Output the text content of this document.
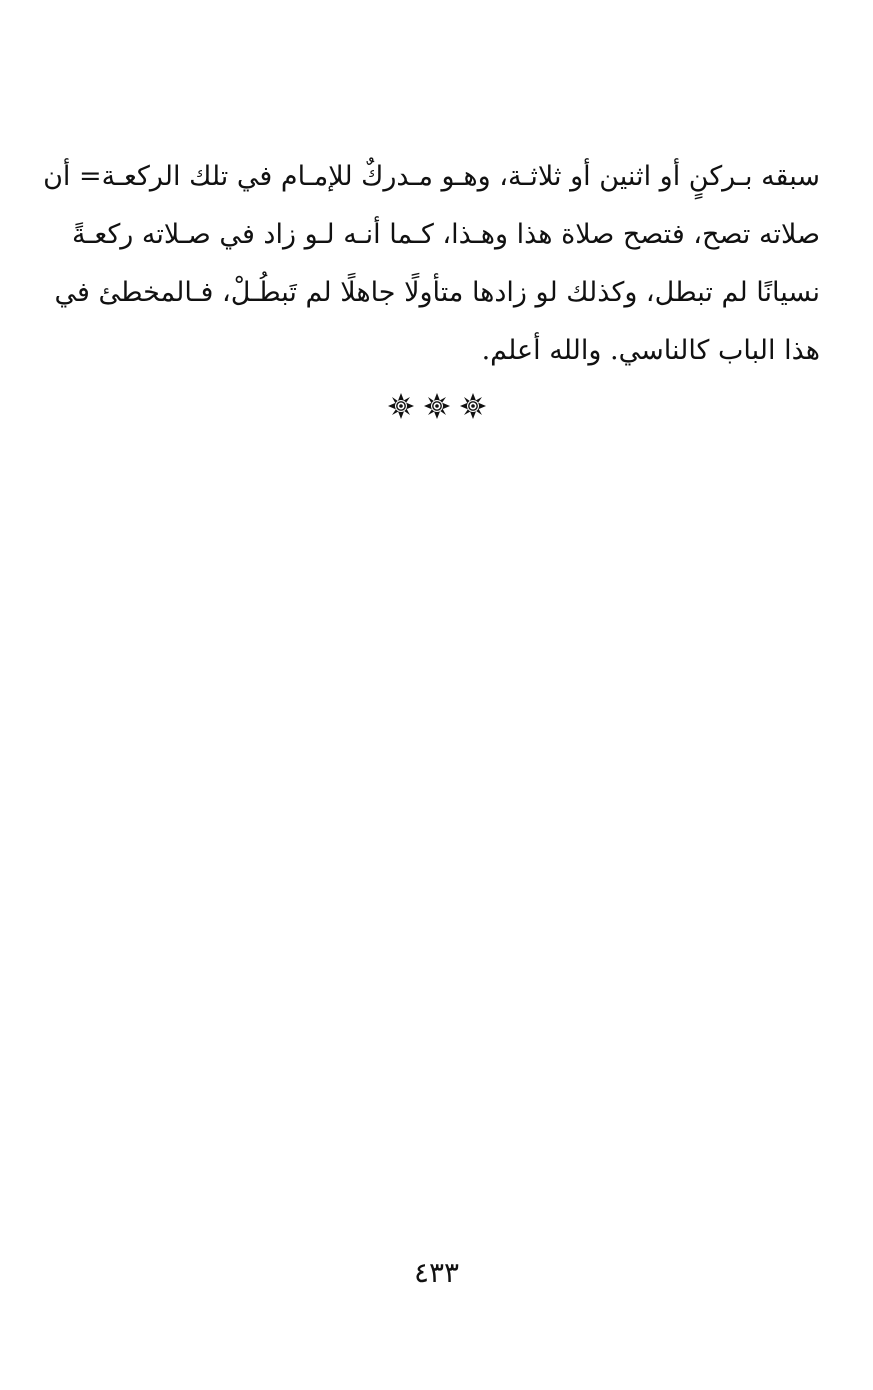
سبقه بـركنٍ أو اثنين أو ثلاثـة، وهـو مـدركٌ للإمـام في تلك الركعـة= أن
صلاته تصح، فتصح صلاة هذا وهـذا، كـما أنـه لـو زاد في صـلاته ركعـةً
نسيانًا لم تبطل، وكذلك لو زادها متأولًا جاهلًا لم تَبطُـلْ، فـالمخطئ في
هذا الباب كالناسي. والله أعلم.
٤٣٣
